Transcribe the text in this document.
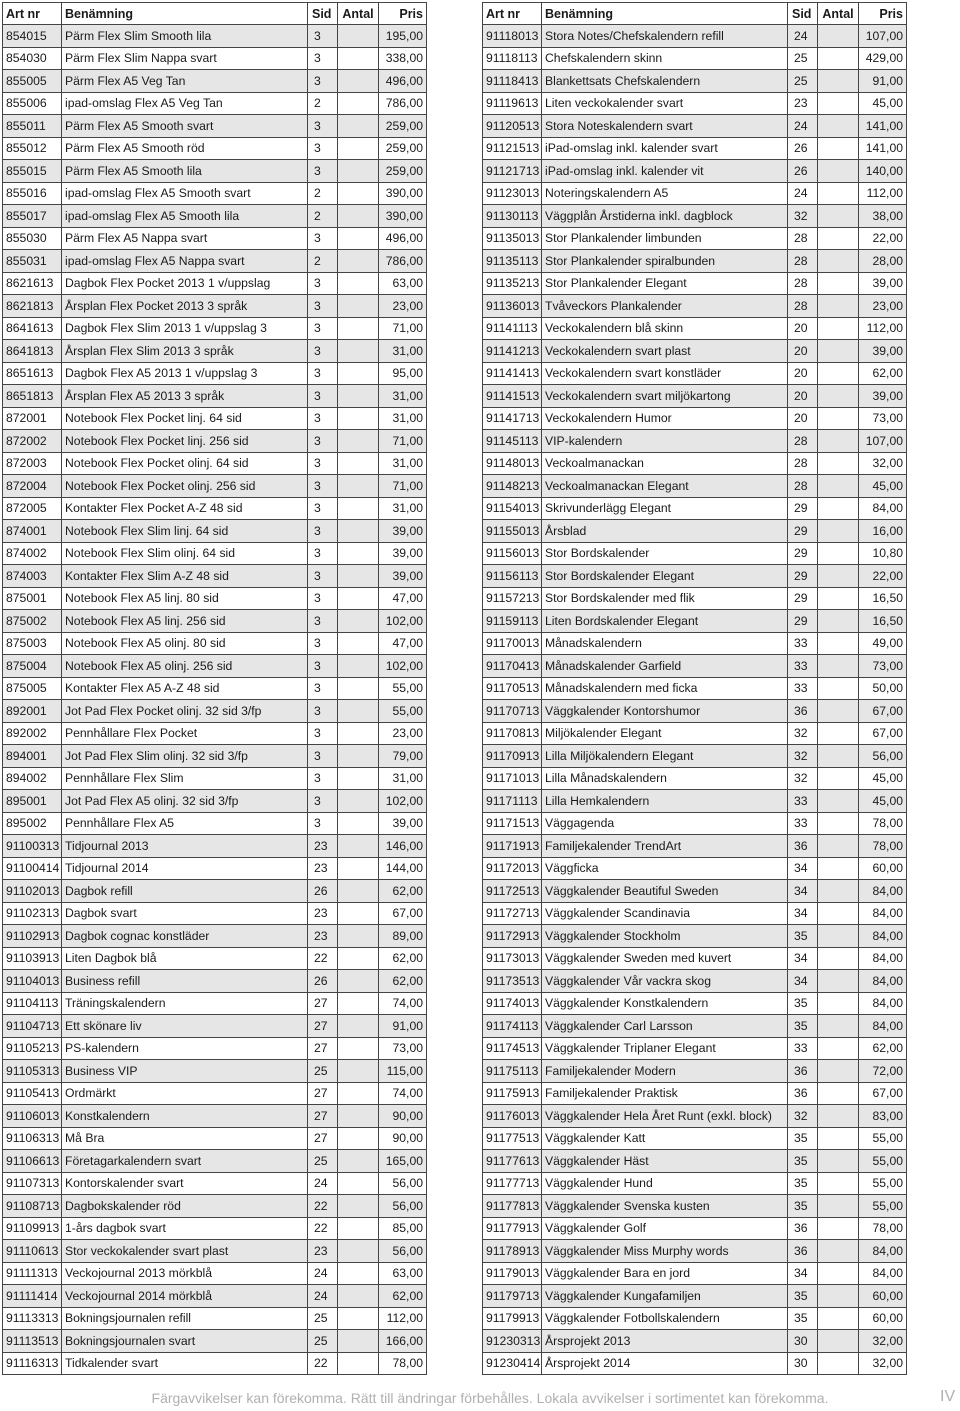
Art nr	Benämning	Sid	Antal	Pris
854015	Pärm Flex Slim Smooth lila	3		195,00
854030	Pärm Flex Slim Nappa svart	3		338,00
855005	Pärm Flex A5 Veg Tan	3		496,00
855006	ipad-omslag Flex A5 Veg Tan	2		786,00
855011	Pärm Flex A5 Smooth svart	3		259,00
855012	Pärm Flex A5 Smooth röd	3		259,00
855015	Pärm Flex A5 Smooth lila	3		259,00
855016	ipad-omslag Flex A5 Smooth svart	2		390,00
855017	ipad-omslag Flex A5 Smooth lila	2		390,00
855030	Pärm Flex A5 Nappa svart	3		496,00
855031	ipad-omslag Flex A5 Nappa svart	2		786,00
8621613	Dagbok Flex Pocket 2013 1 v/uppslag	3		63,00
8621813	Årsplan Flex Pocket 2013 3 språk	3		23,00
8641613	Dagbok Flex Slim 2013 1 v/uppslag 3	3		71,00
8641813	Årsplan Flex Slim 2013 3 språk	3		31,00
8651613	Dagbok Flex A5 2013 1 v/uppslag 3	3		95,00
8651813	Årsplan Flex A5 2013 3 språk	3		31,00
872001	Notebook Flex Pocket linj. 64 sid	3		31,00
872002	Notebook Flex Pocket linj. 256 sid	3		71,00
872003	Notebook Flex Pocket olinj. 64 sid	3		31,00
872004	Notebook Flex Pocket olinj. 256 sid	3		71,00
872005	Kontakter Flex Pocket A-Z 48 sid	3		31,00
874001	Notebook Flex Slim linj. 64 sid	3		39,00
874002	Notebook Flex Slim olinj. 64 sid	3		39,00
874003	Kontakter Flex Slim A-Z 48 sid	3		39,00
875001	Notebook Flex A5 linj. 80 sid	3		47,00
875002	Notebook Flex A5 linj. 256 sid	3		102,00
875003	Notebook Flex A5 olinj. 80 sid	3		47,00
875004	Notebook Flex A5 olinj. 256 sid	3		102,00
875005	Kontakter Flex A5 A-Z 48 sid	3		55,00
892001	Jot Pad Flex Pocket olinj. 32 sid 3/fp	3		55,00
892002	Pennhållare Flex Pocket	3		23,00
894001	Jot Pad Flex Slim olinj. 32 sid 3/fp	3		79,00
894002	Pennhållare Flex Slim	3		31,00
895001	Jot Pad Flex A5 olinj. 32 sid 3/fp	3		102,00
895002	Pennhållare Flex A5	3		39,00
91100313	Tidjournal 2013	23		146,00
91100414	Tidjournal 2014	23		144,00
91102013	Dagbok refill	26		62,00
91102313	Dagbok svart	23		67,00
91102913	Dagbok cognac konstläder	23		89,00
91103913	Liten Dagbok blå	22		62,00
91104013	Business refill	26		62,00
91104113	Träningskalendern	27		74,00
91104713	Ett skönare liv	27		91,00
91105213	PS-kalendern	27		73,00
91105313	Business VIP	25		115,00
91105413	Ordmärkt	27		74,00
91106013	Konstkalendern	27		90,00
91106313	Må Bra	27		90,00
91106613	Företagarkalendern svart	25		165,00
91107313	Kontorskalender svart	24		56,00
91108713	Dagbokskalender röd	22		56,00
91109913	1-års dagbok svart	22		85,00
91110613	Stor veckokalender svart plast	23		56,00
91111313	Veckojournal 2013 mörkblå	24		63,00
91111414	Veckojournal 2014 mörkblå	24		62,00
91113313	Bokningsjournalen refill	25		112,00
91113513	Bokningsjournalen svart	25		166,00
91116313	Tidkalender svart	22		78,00
Art nr	Benämning	Sid	Antal	Pris
91118013	Stora Notes/Chefskalendern refill	24		107,00
91118113	Chefskalendern skinn	25		429,00
91118413	Blankettsats Chefskalendern	25		91,00
91119613	Liten veckokalender svart	23		45,00
91120513	Stora Noteskalendern svart	24		141,00
91121513	iPad-omslag inkl. kalender svart	26		141,00
91121713	iPad-omslag inkl. kalender vit	26		140,00
91123013	Noteringskalendern A5	24		112,00
91130113	Väggplån Årstiderna inkl. dagblock	32		38,00
91135013	Stor Plankalender limbunden	28		22,00
91135113	Stor Plankalender spiralbunden	28		28,00
91135213	Stor Plankalender Elegant	28		39,00
91136013	Tvåveckors Plankalender	28		23,00
91141113	Veckokalendern blå skinn	20		112,00
91141213	Veckokalendern svart plast	20		39,00
91141413	Veckokalendern svart konstläder	20		62,00
91141513	Veckokalendern svart miljökartong	20		39,00
91141713	Veckokalendern Humor	20		73,00
91145113	VIP-kalendern	28		107,00
91148013	Veckoalmanackan	28		32,00
91148213	Veckoalmanackan Elegant	28		45,00
91154013	Skrivunderlägg Elegant	29		84,00
91155013	Årsblad	29		16,00
91156013	Stor Bordskalender	29		10,80
91156113	Stor Bordskalender Elegant	29		22,00
91157213	Stor Bordskalender med flik	29		16,50
91159113	Liten Bordskalender Elegant	29		16,50
91170013	Månadskalendern	33		49,00
91170413	Månadskalender Garfield	33		73,00
91170513	Månadskalendern med ficka	33		50,00
91170713	Väggkalender Kontorshumor	36		67,00
91170813	Miljökalender Elegant	32		67,00
91170913	Lilla Miljökalendern Elegant	32		56,00
91171013	Lilla Månadskalendern	32		45,00
91171113	Lilla Hemkalendern	33		45,00
91171513	Väggagenda	33		78,00
91171913	Familjekalender TrendArt	36		78,00
91172013	Väggficka	34		60,00
91172513	Väggkalender Beautiful Sweden	34		84,00
91172713	Väggkalender Scandinavia	34		84,00
91172913	Väggkalender Stockholm	35		84,00
91173013	Väggkalender Sweden med kuvert	34		84,00
91173513	Väggkalender Vår vackra skog	34		84,00
91174013	Väggkalender Konstkalendern	35		84,00
91174113	Väggkalender Carl Larsson	35		84,00
91174513	Väggkalender Triplaner Elegant	33		62,00
91175113	Familjekalender Modern	36		72,00
91175913	Familjekalender Praktisk	36		67,00
91176013	Väggkalender Hela Året Runt (exkl. block)	32		83,00
91177513	Väggkalender Katt	35		55,00
91177613	Väggkalender Häst	35		55,00
91177713	Väggkalender Hund	35		55,00
91177813	Väggkalender Svenska kusten	35		55,00
91177913	Väggkalender Golf	36		78,00
91178913	Väggkalender Miss Murphy words	36		84,00
91179013	Väggkalender Bara en jord	34		84,00
91179713	Väggkalender Kungafamiljen	35		60,00
91179913	Väggkalender Fotbollskalendern	35		60,00
91230313	Årsprojekt 2013	30		32,00
91230414	Årsprojekt 2014	30		32,00
Färgavvikelser kan förekomma. Rätt till ändringar förbehålles. Lokala avvikelser i sortimentet kan förekomma.	IV
